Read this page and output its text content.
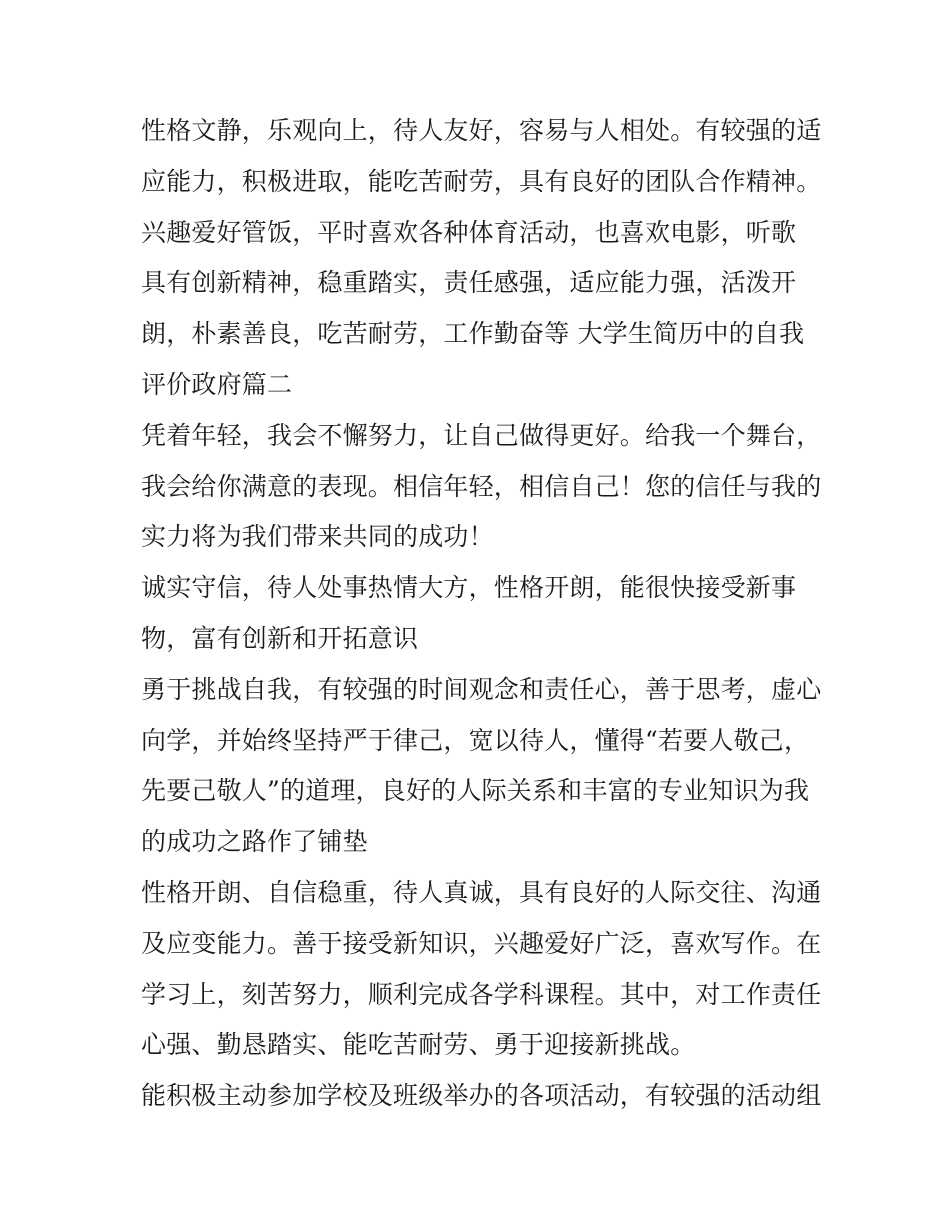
性格文静，乐观向上，待人友好，容易与人相处。有较强的适
应能力，积极进取，能吃苦耐劳，具有良好的团队合作精神。
兴趣爱好管饭，平时喜欢各种体育活动，也喜欢电影，听歌
具有创新精神，稳重踏实，责任感强，适应能力强，活泼开
朗，朴素善良，吃苦耐劳，工作勤奋等 大学生简历中的自我
评价政府篇二
凭着年轻，我会不懈努力，让自己做得更好。给我一个舞台，
我会给你满意的表现。相信年轻，相信自己！您的信任与我的
实力将为我们带来共同的成功！
诚实守信，待人处事热情大方，性格开朗，能很快接受新事
物，富有创新和开拓意识
勇于挑战自我，有较强的时间观念和责任心，善于思考，虚心
向学，并始终坚持严于律己，宽以待人，懂得“若要人敬己，
先要己敬人”的道理，良好的人际关系和丰富的专业知识为我
的成功之路作了铺垫
性格开朗、自信稳重，待人真诚，具有良好的人际交往、沟通
及应变能力。善于接受新知识，兴趣爱好广泛，喜欢写作。在
学习上，刻苦努力，顺利完成各学科课程。其中，对工作责任
心强、勤恳踏实、能吃苦耐劳、勇于迎接新挑战。
能积极主动参加学校及班级举办的各项活动，有较强的活动组
